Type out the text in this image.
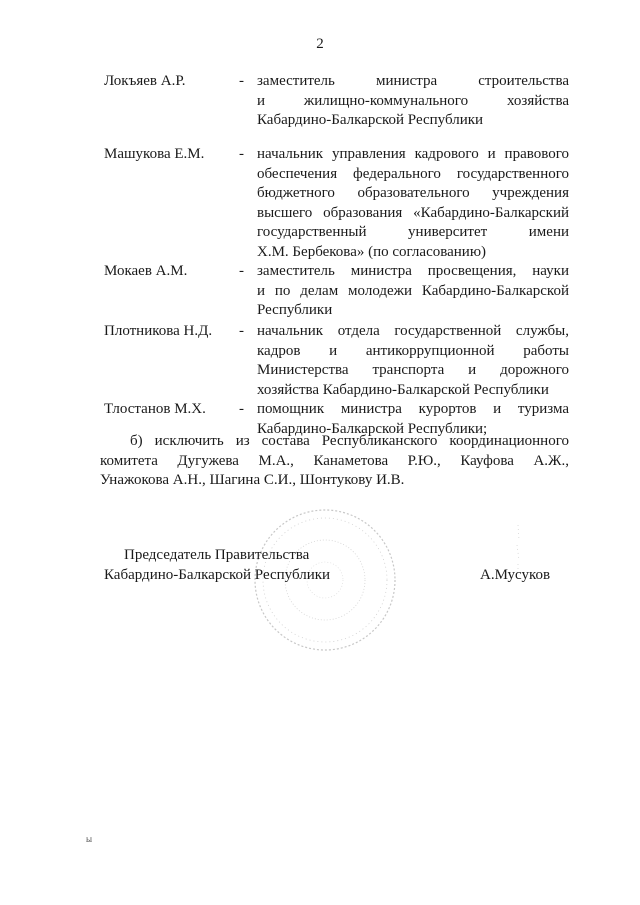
2
Локъяев А.Р.	- заместитель министра строительства
и жилищно-коммунального хозяйства
Кабардино-Балкарской Республики
Машукова Е.М. - начальник управления кадрового и правового
обеспечения федерального государственного
бюджетного образовательного учреждения
высшего образования «Кабардино-Балкарский
государственный университет имени
Х.М. Бербекова» (по согласованию)
Мокаев А.М.	- заместитель министра просвещения, науки
и по делам молодежи Кабардино-Балкарской
Республики
Плотникова Н.Д. - начальник отдела государственной службы,
кадров и антикоррупционной работы
Министерства транспорта и дорожного
хозяйства Кабардино-Балкарской Республики
Тлостанов М.Х. - помощник министра курортов и туризма
Кабардино-Балкарской Республики;
б) исключить из состава Республиканского координационного
комитета Дугужева М.А., Канаметова Р.Ю., Кауфова А.Ж.,
Унажокова А.Н., Шагина С.И., Шонтукову И.В.
Председатель Правительства
Кабардино-Балкарской Республики	А.Мусуков
ы
